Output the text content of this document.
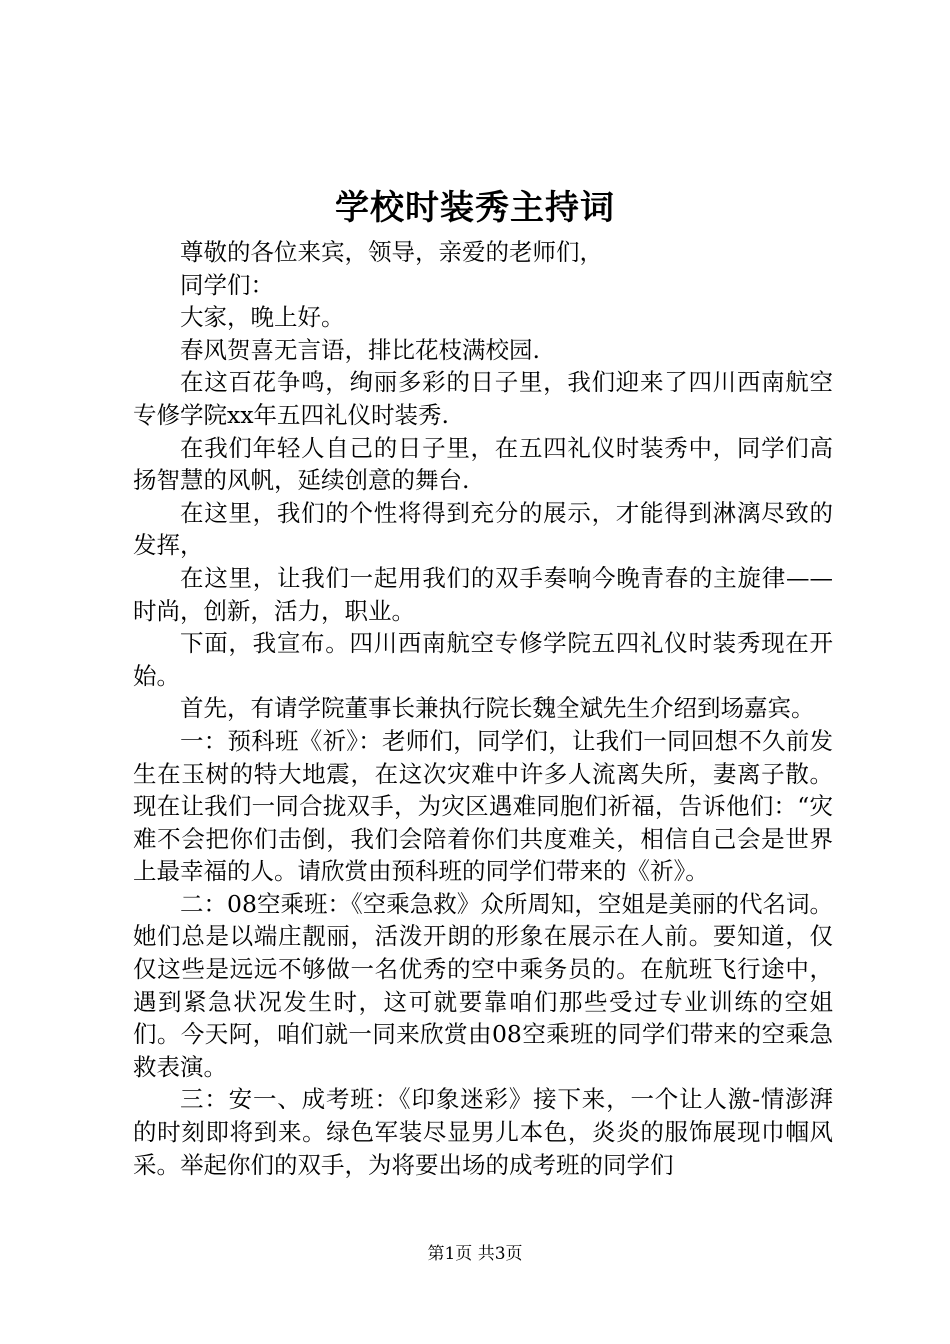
学校时装秀主持词

尊敬的各位来宾，领导，亲爱的老师们，

同学们：

大家，晚上好。

春风贺喜无言语，排比花枝满校园.

在这百花争鸣，绚丽多彩的日子里，我们迎来了四川西南航空专修学院xx年五四礼仪时装秀.

在我们年轻人自己的日子里，在五四礼仪时装秀中，同学们高扬智慧的风帆，延续创意的舞台.

在这里，我们的个性将得到充分的展示，才能得到淋漓尽致的发挥，

在这里，让我们一起用我们的双手奏响今晚青春的主旋律——时尚，创新，活力，职业。

下面，我宣布。四川西南航空专修学院五四礼仪时装秀现在开始。

首先，有请学院董事长兼执行院长魏全斌先生介绍到场嘉宾。

一：预科班《祈》：老师们，同学们，让我们一同回想不久前发生在玉树的特大地震，在这次灾难中许多人流离失所，妻离子散。现在让我们一同合拢双手，为灾区遇难同胞们祈福，告诉他们：“灾难不会把你们击倒，我们会陪着你们共度难关，相信自己会是世界上最幸福的人。请欣赏由预科班的同学们带来的《祈》。

二：08空乘班：《空乘急救》众所周知，空姐是美丽的代名词。她们总是以端庄靓丽，活泼开朗的形象在展示在人前。要知道，仅仅这些是远远不够做一名优秀的空中乘务员的。在航班飞行途中，遇到紧急状况发生时，这可就要靠咱们那些受过专业训练的空姐们。今天阿，咱们就一同来欣赏由08空乘班的同学们带来的空乘急救表演。

三：安一、成考班：《印象迷彩》接下来，一个让人激-情澎湃的时刻即将到来。绿色军装尽显男儿本色，炎炎的服饰展现巾帼风采。举起你们的双手，为将要出场的成考班的同学们

第1页 共3页
